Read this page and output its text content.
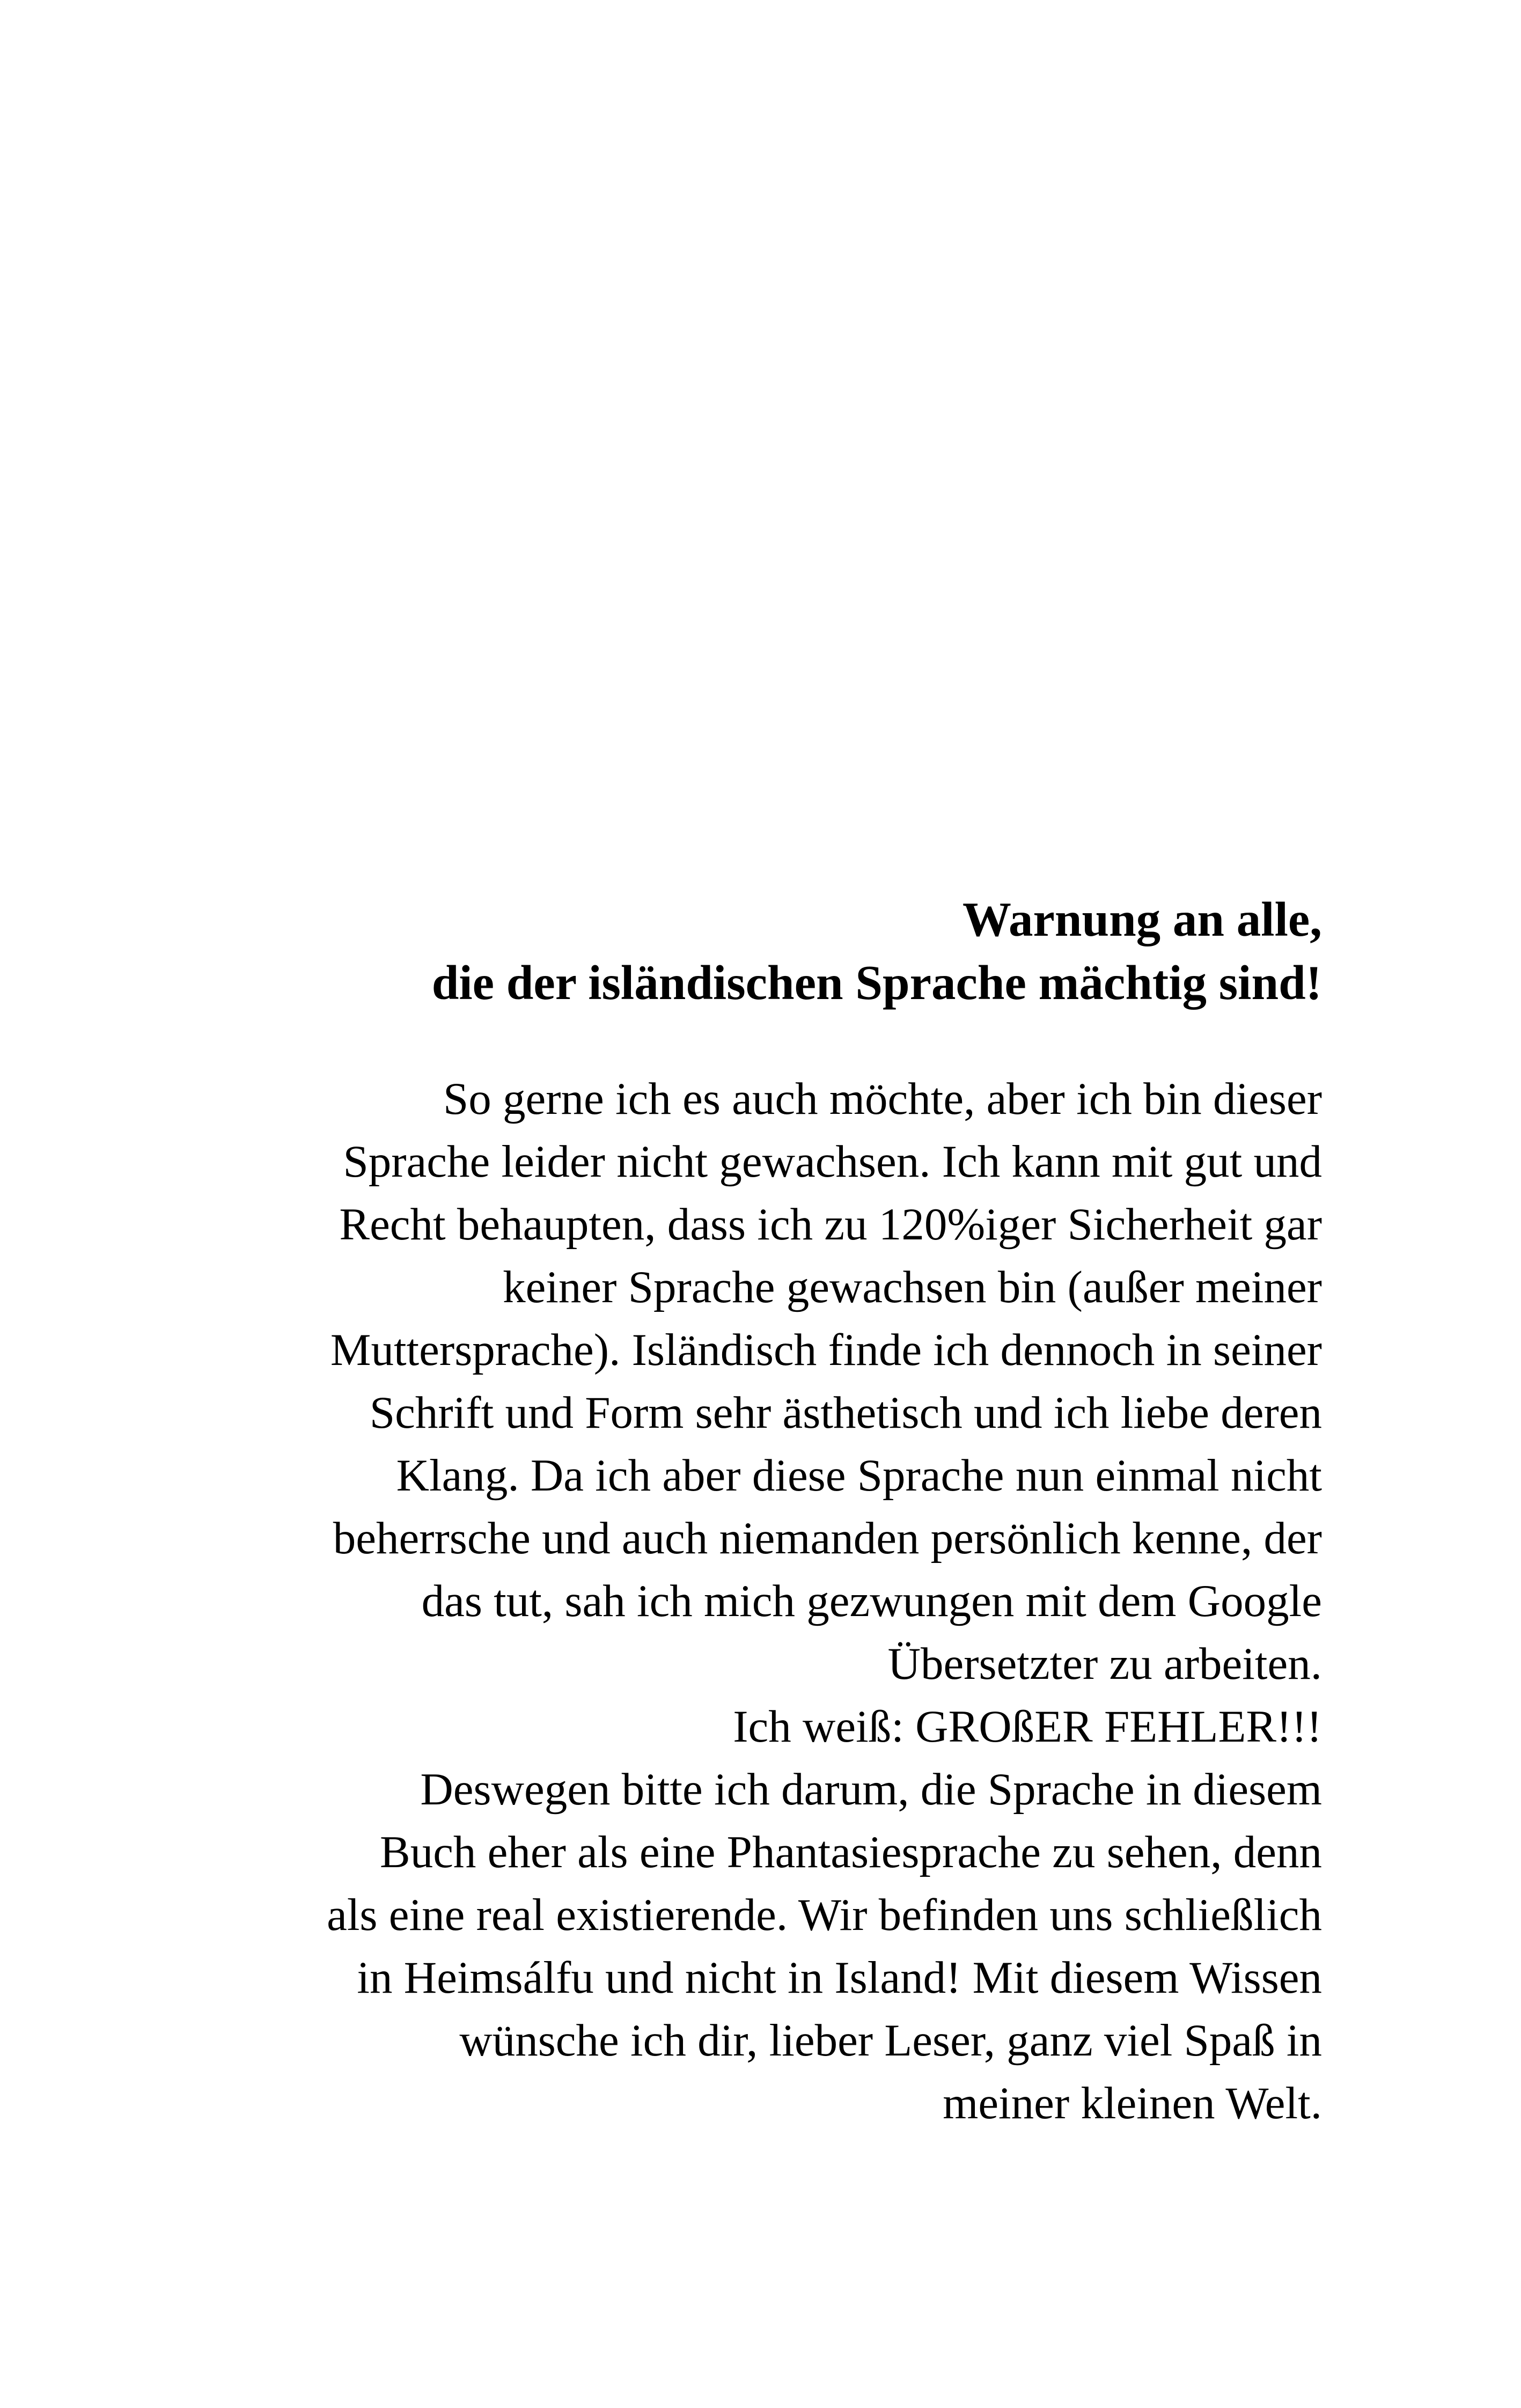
Warnung an alle,
die der isländischen Sprache mächtig sind!
So gerne ich es auch möchte, aber ich bin dieser
Sprache leider nicht gewachsen. Ich kann mit gut und
Recht behaupten, dass ich zu 120%iger Sicherheit gar
keiner Sprache gewachsen bin (außer meiner
Muttersprache). Isländisch finde ich dennoch in seiner
Schrift und Form sehr ästhetisch und ich liebe deren
Klang. Da ich aber diese Sprache nun einmal nicht
beherrsche und auch niemanden persönlich kenne, der
das tut, sah ich mich gezwungen mit dem Google
Übersetzter zu arbeiten.
Ich weiß: GROßER FEHLER!!!
Deswegen bitte ich darum, die Sprache in diesem
Buch eher als eine Phantasiesprache zu sehen, denn
als eine real existierende. Wir befinden uns schließlich
in Heimsálfu und nicht in Island! Mit diesem Wissen
wünsche ich dir, lieber Leser, ganz viel Spaß in
meiner kleinen Welt.
